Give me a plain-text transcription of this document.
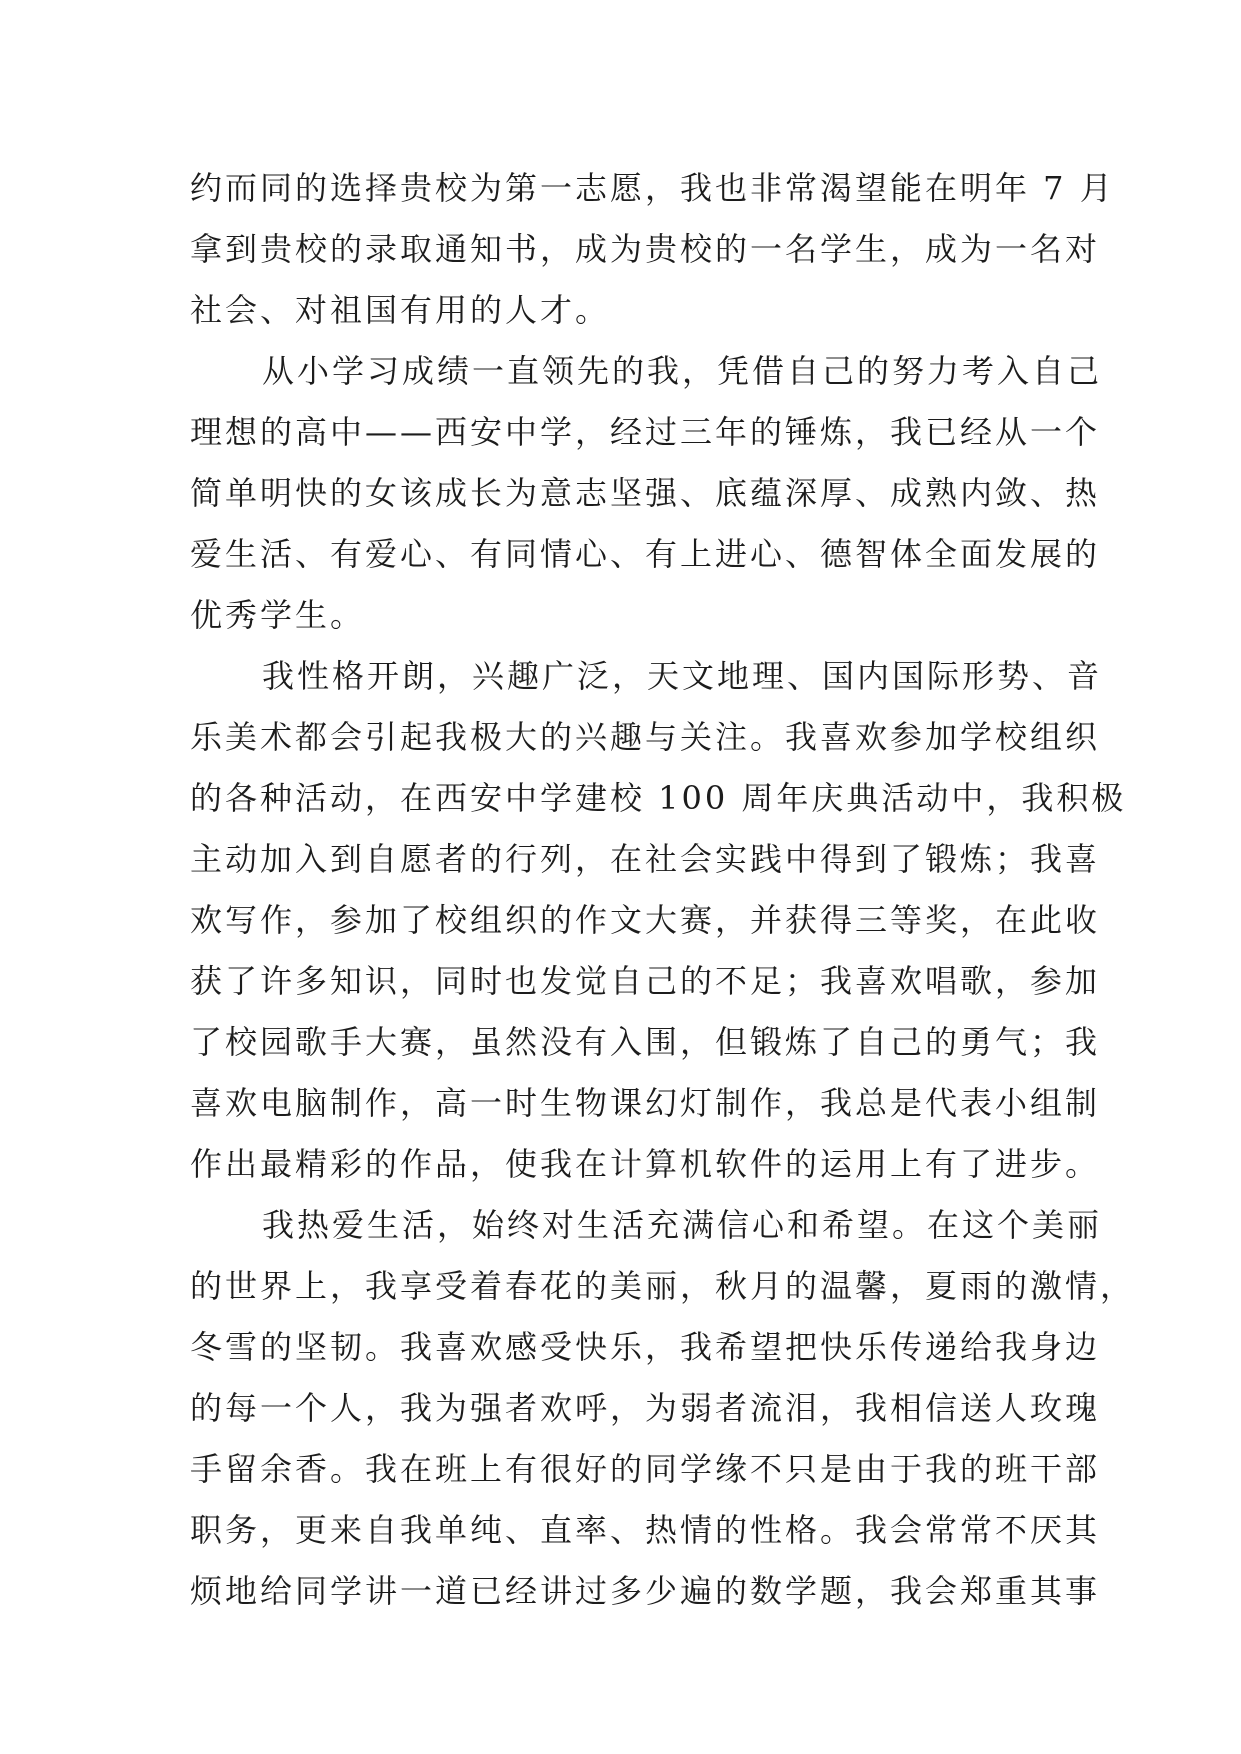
约而同的选择贵校为第一志愿，我也非常渴望能在明年 7 月
拿到贵校的录取通知书，成为贵校的一名学生，成为一名对
社会、对祖国有用的人才。
从小学习成绩一直领先的我，凭借自己的努力考入自己
理想的高中——西安中学，经过三年的锤炼，我已经从一个
简单明快的女该成长为意志坚强、底蕴深厚、成熟内敛、热
爱生活、有爱心、有同情心、有上进心、德智体全面发展的
优秀学生。
我性格开朗，兴趣广泛，天文地理、国内国际形势、音
乐美术都会引起我极大的兴趣与关注。我喜欢参加学校组织
的各种活动，在西安中学建校 100 周年庆典活动中，我积极
主动加入到自愿者的行列，在社会实践中得到了锻炼；我喜
欢写作，参加了校组织的作文大赛，并获得三等奖，在此收
获了许多知识，同时也发觉自己的不足；我喜欢唱歌，参加
了校园歌手大赛，虽然没有入围，但锻炼了自己的勇气；我
喜欢电脑制作，高一时生物课幻灯制作，我总是代表小组制
作出最精彩的作品，使我在计算机软件的运用上有了进步。
我热爱生活，始终对生活充满信心和希望。在这个美丽
的世界上，我享受着春花的美丽，秋月的温馨，夏雨的激情，
冬雪的坚韧。我喜欢感受快乐，我希望把快乐传递给我身边
的每一个人，我为强者欢呼，为弱者流泪，我相信送人玫瑰
手留余香。我在班上有很好的同学缘不只是由于我的班干部
职务，更来自我单纯、直率、热情的性格。我会常常不厌其
烦地给同学讲一道已经讲过多少遍的数学题，我会郑重其事
